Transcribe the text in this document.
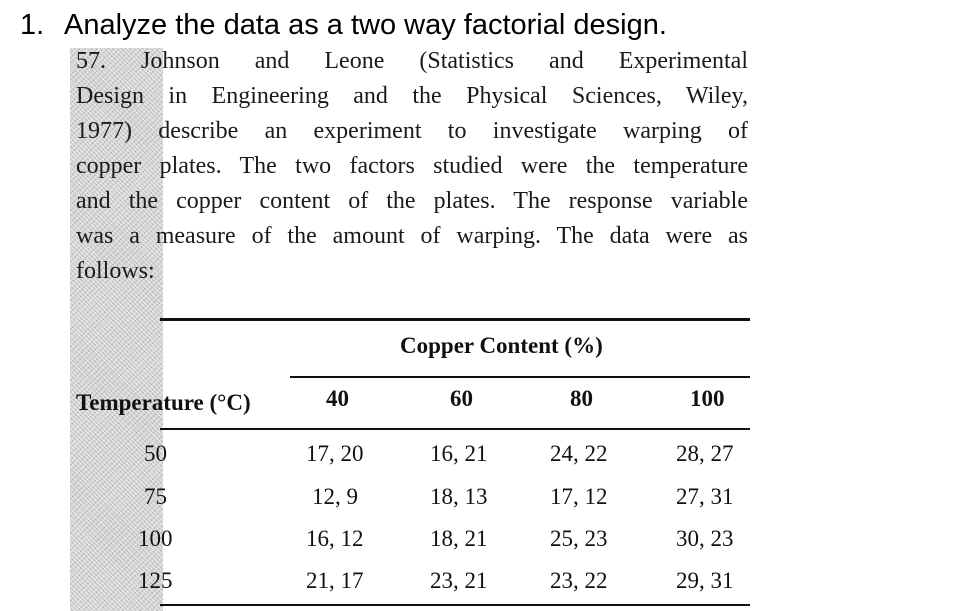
1. Analyze the data as a two way factorial design.
57. Johnson and Leone (Statistics and Experimental
Design in Engineering and the Physical Sciences, Wiley,
1977) describe an experiment to investigate warping of
copper plates. The two factors studied were the temperature
and the copper content of the plates. The response variable
was a measure of the amount of warping. The data were as
follows:
Copper Content (%)
Temperature (°C)	40	60	80	100
50	17, 20	16, 21	24, 22	28, 27
75	12, 9	18, 13	17, 12	27, 31
100	16, 12	18, 21	25, 23	30, 23
125	21, 17	23, 21	23, 22	29, 31
